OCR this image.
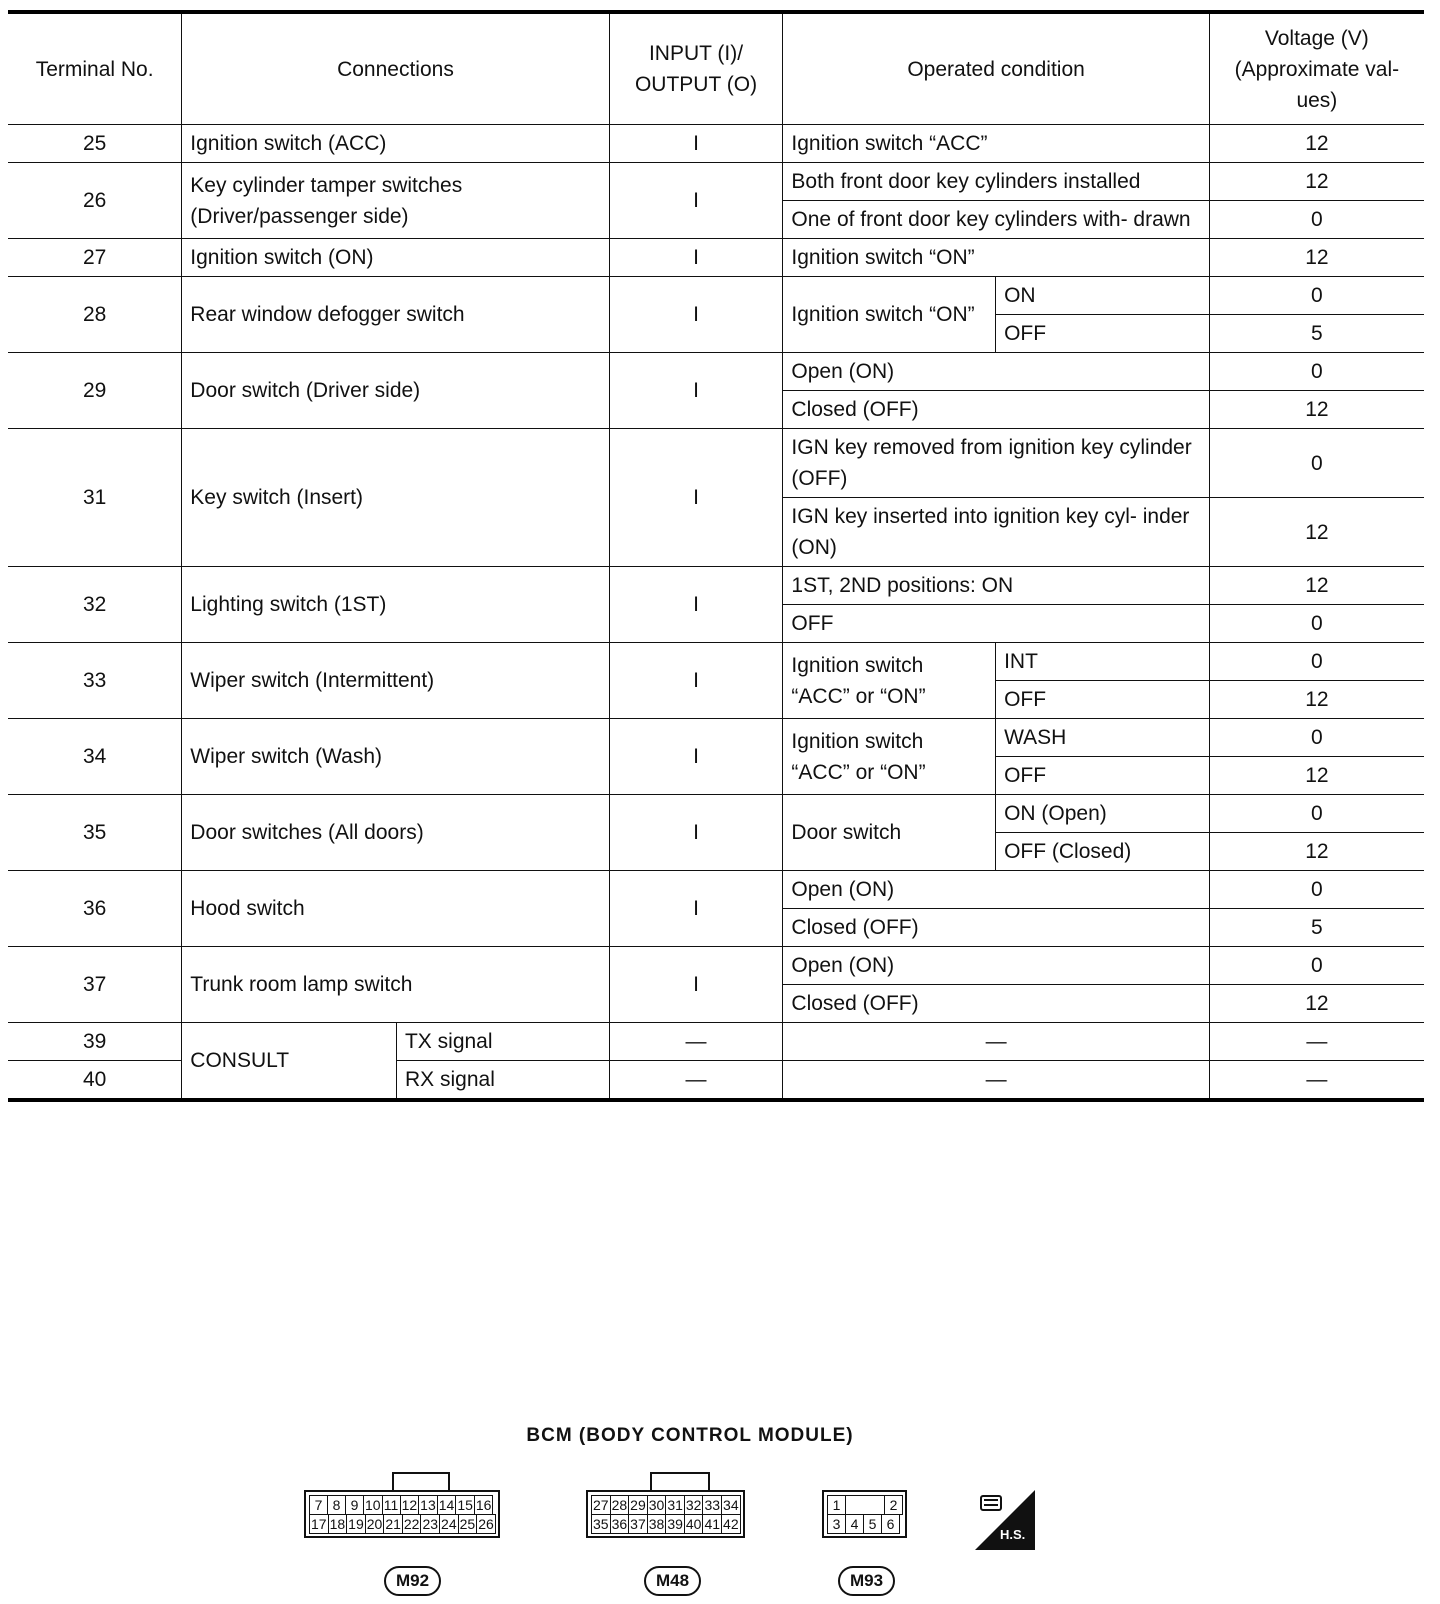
Terminal No.	Connections		INPUT (I)/ OUTPUT (O)	Operated condition		Voltage (V) (Approximate val- ues)
25	Ignition switch (ACC)		I	Ignition switch “ACC”		12
26	Key cylinder tamper switches (Driver/passenger side)		I	Both front door key cylinders installed		12
				One of front door key cylinders with- drawn		0
27	Ignition switch (ON)		I	Ignition switch “ON”		12
28	Rear window defogger switch		I	Ignition switch “ON”	ON	0
					OFF	5
29	Door switch (Driver side)		I	Open (ON)		0
				Closed (OFF)		12
31	Key switch (Insert)		I	IGN key removed from ignition key cylinder (OFF)		0
				IGN key inserted into ignition key cyl- inder (ON)		12
32	Lighting switch (1ST)		I	1ST, 2ND positions: ON		12
				OFF		0
33	Wiper switch (Intermittent)		I	Ignition switch “ACC” or “ON”	INT	0
					OFF	12
34	Wiper switch (Wash)		I	Ignition switch “ACC” or “ON”	WASH	0
					OFF	12
35	Door switches (All doors)		I	Door switch	ON (Open)	0
					OFF (Closed)	12
36	Hood switch		I	Open (ON)		0
				Closed (OFF)		5
37	Trunk room lamp switch		I	Open (ON)		0
				Closed (OFF)		12
39	CONSULT	TX signal	—	—		—
40		RX signal	—	—		—
BCM (BODY CONTROL MODULE)
7 8 9 10 11 12 13 14 15 16
17 18 19 20 21 22 23 24 25 26
M92
27 28 29 30 31 32 33 34
35 36 37 38 39 40 41 42
M48
1	2
3 4 5 6
M93
H.S.
